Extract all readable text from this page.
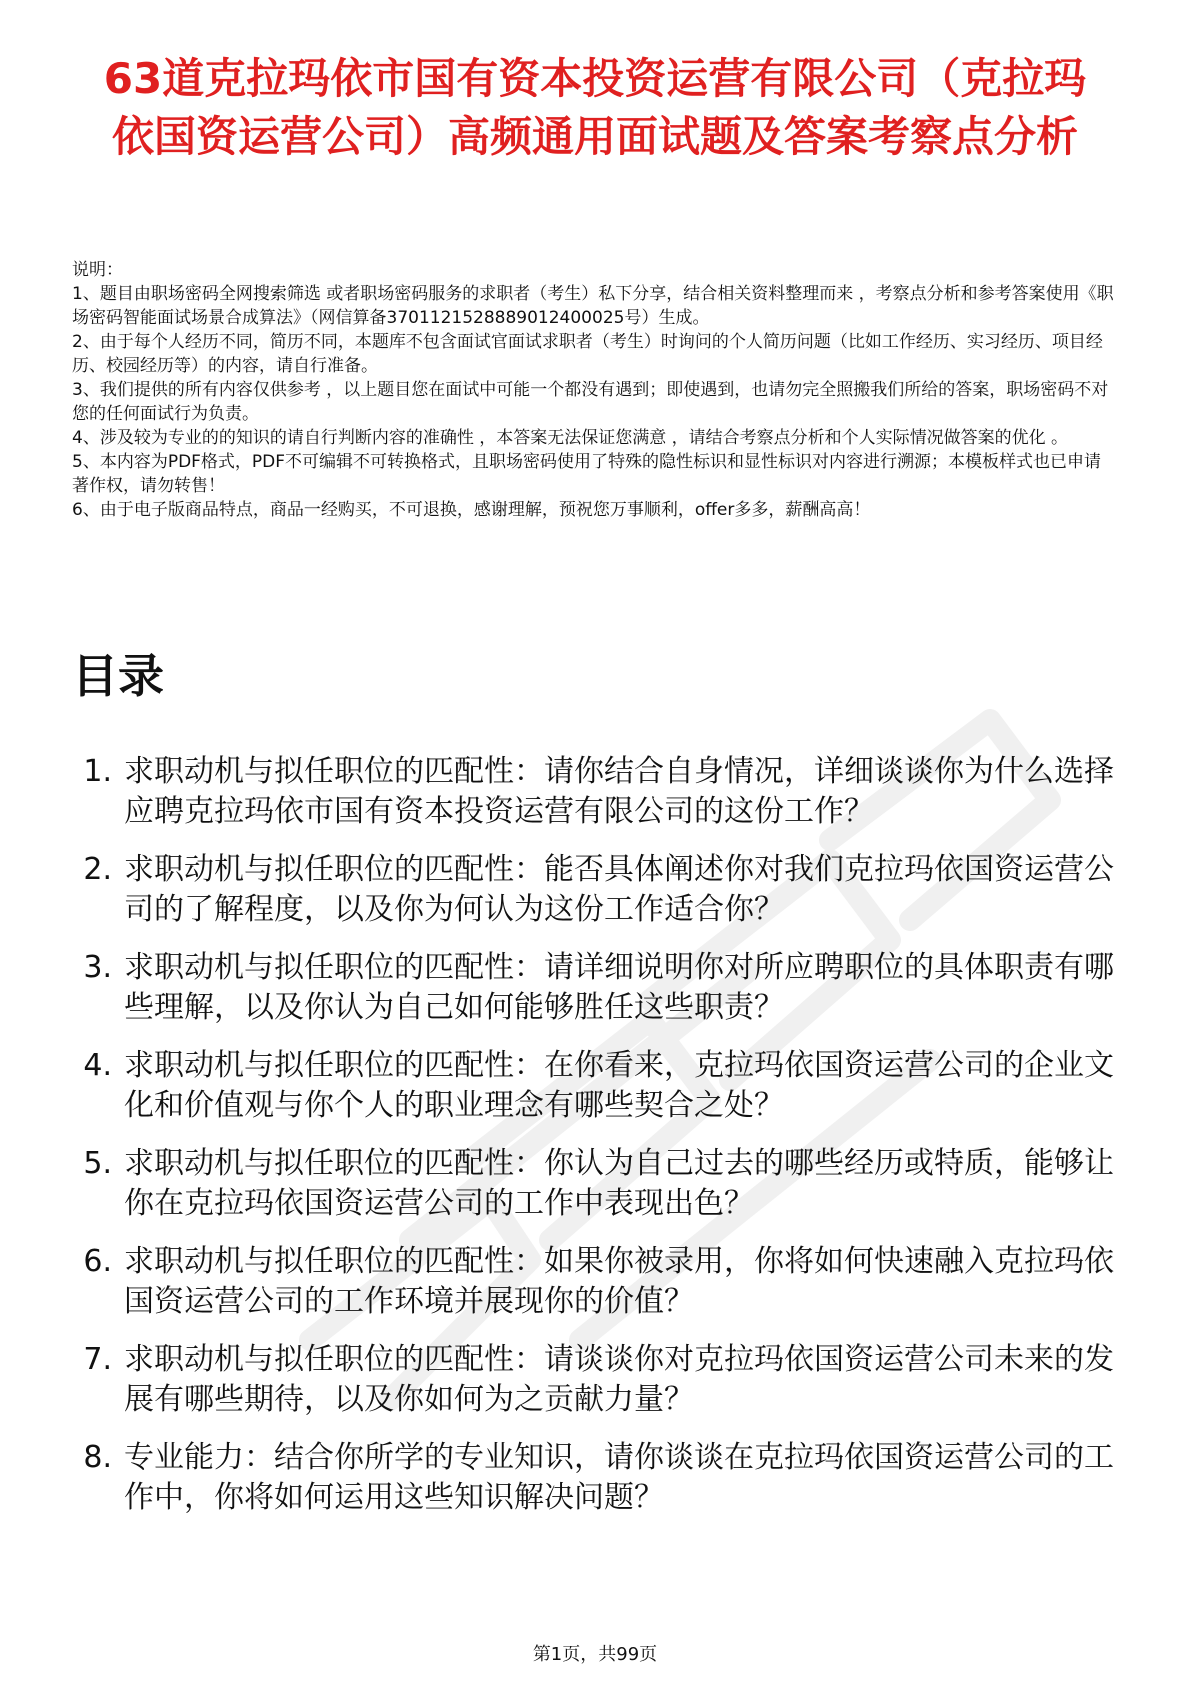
63道克拉玛依市国有资本投资运营有限公司（克拉玛依国资运营公司）高频通用面试题及答案考察点分析

说明：

1、题目由职场密码全网搜索筛选 或者职场密码服务的求职者（考生）私下分享，结合相关资料整理而来 ，考察点分析和参考答案使用《职场密码智能面试场景合成算法》（网信算备3701121528889012400025号）生成。

2、由于每个人经历不同，简历不同，本题库不包含面试官面试求职者（考生）时询问的个人简历问题（比如工作经历、实习经历、项目经历、校园经历等）的内容，请自行准备。

3、我们提供的所有内容仅供参考 ，以上题目您在面试中可能一个都没有遇到；即使遇到，也请勿完全照搬我们所给的答案，职场密码不对您的任何面试行为负责。

4、涉及较为专业的的知识的请自行判断内容的准确性 ，本答案无法保证您满意 ，请结合考察点分析和个人实际情况做答案的优化 。

5、本内容为PDF格式，PDF不可编辑不可转换格式，且职场密码使用了特殊的隐性标识和显性标识对内容进行溯源；本模板样式也已申请著作权，请勿转售！

6、由于电子版商品特点，商品一经购买，不可退换，感谢理解，预祝您万事顺利，offer多多，薪酬高高！

目录
1. 求职动机与拟任职位的匹配性：请你结合自身情况，详细谈谈你为什么选择应聘克拉玛依市国有资本投资运营有限公司的这份工作？
2. 求职动机与拟任职位的匹配性：能否具体阐述你对我们克拉玛依国资运营公司的了解程度，以及你为何认为这份工作适合你？
3. 求职动机与拟任职位的匹配性：请详细说明你对所应聘职位的具体职责有哪些理解，以及你认为自己如何能够胜任这些职责？
4. 求职动机与拟任职位的匹配性：在你看来，克拉玛依国资运营公司的企业文化和价值观与你个人的职业理念有哪些契合之处？
5. 求职动机与拟任职位的匹配性：你认为自己过去的哪些经历或特质，能够让你在克拉玛依国资运营公司的工作中表现出色？
6. 求职动机与拟任职位的匹配性：如果你被录用，你将如何快速融入克拉玛依国资运营公司的工作环境并展现你的价值？
7. 求职动机与拟任职位的匹配性：请谈谈你对克拉玛依国资运营公司未来的发展有哪些期待，以及你如何为之贡献力量？
8. 专业能力：结合你所学的专业知识，请你谈谈在克拉玛依国资运营公司的工作中，你将如何运用这些知识解决问题？
第1页，共99页
